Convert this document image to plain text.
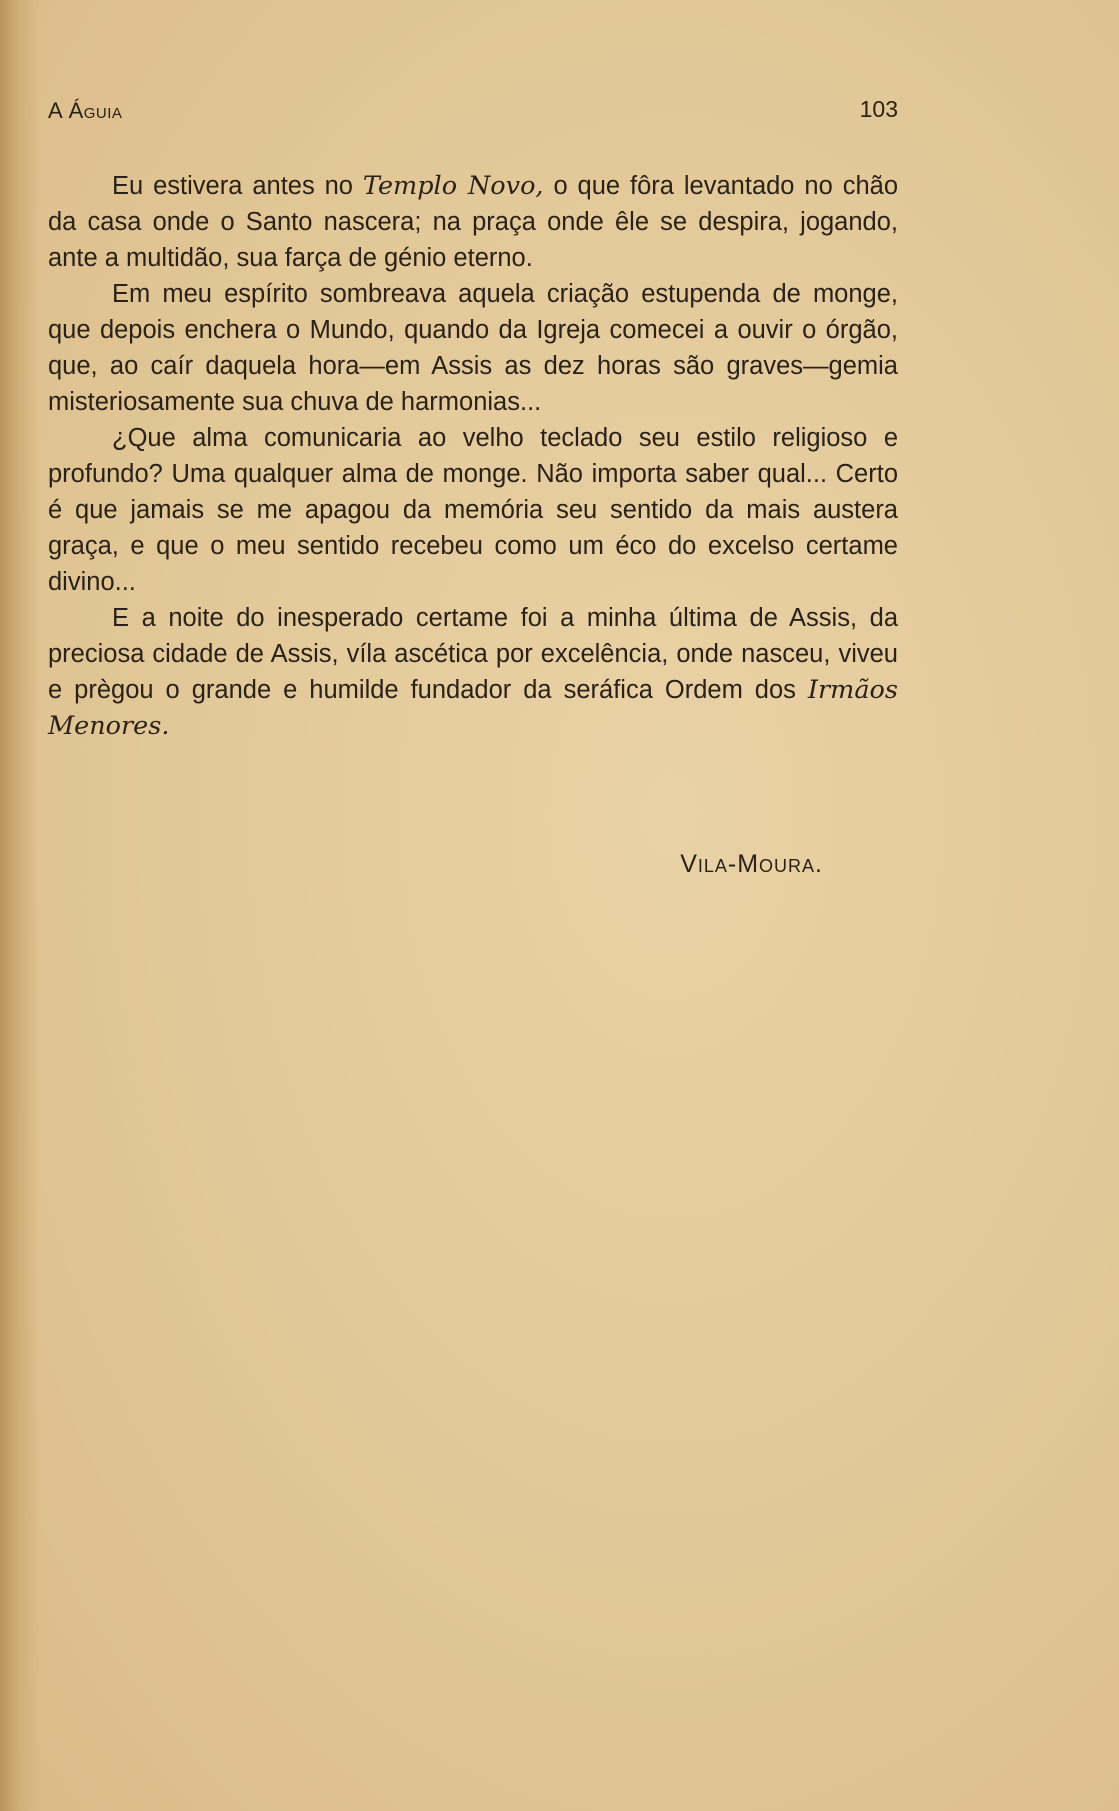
A Águia	103

Eu estivera antes no Templo Novo, o que fôra levantado no chão da casa onde o Santo nascera; na praça onde êle se despira, jogando, ante a multidão, sua farça de génio eterno.

Em meu espírito sombreava aquela criação estupenda de monge, que depois enchera o Mundo, quando da Igreja comecei a ouvir o órgão, que, ao caír daquela hora—em Assis as dez horas são graves—gemia misteriosamente sua chuva de harmonias...

¿Que alma comunicaria ao velho teclado seu estilo religioso e profundo? Uma qualquer alma de monge. Não importa saber qual... Certo é que jamais se me apagou da memória seu sentido da mais austera graça, e que o meu sentido recebeu como um éco do excelso certame divino...

E a noite do inesperado certame foi a minha última de Assis, da preciosa cidade de Assis, víla ascética por excelência, onde nasceu, viveu e prègou o grande e humilde fundador da seráfica Ordem dos Irmãos Menores.

Vila-Moura.
